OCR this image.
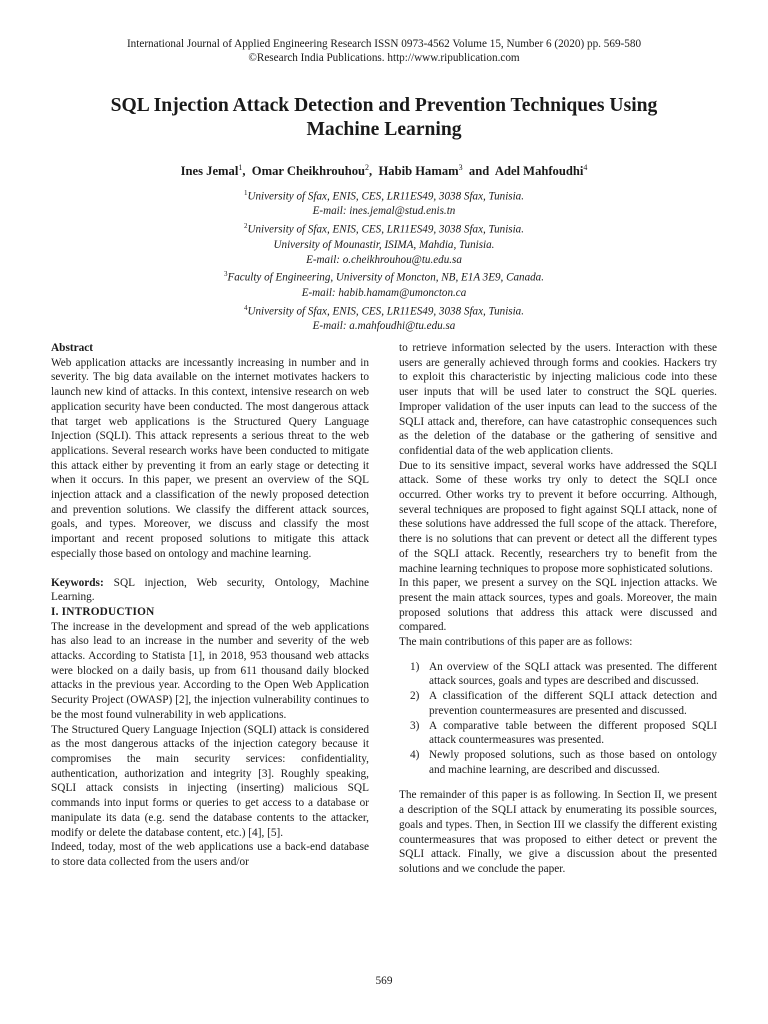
International Journal of Applied Engineering Research ISSN 0973-4562 Volume 15, Number 6 (2020) pp. 569-580
©Research India Publications. http://www.ripublication.com
SQL Injection Attack Detection and Prevention Techniques Using
Machine Learning
Ines Jemal$^1$,  Omar Cheikhrouhou$^2$,  Habib Hamam$^3$  and  Adel Mahfoudhi$^4$
$^1$University of Sfax, ENIS, CES, LR11ES49, 3038 Sfax, Tunisia.
E-mail: ines.jemal@stud.enis.tn
$^2$University of Sfax, ENIS, CES, LR11ES49, 3038 Sfax, Tunisia.
University of Mounastir, ISIMA, Mahdia, Tunisia.
E-mail: o.cheikhrouhou@tu.edu.sa
$^3$Faculty of Engineering, University of Moncton, NB, E1A 3E9, Canada.
E-mail: habib.hamam@umoncton.ca
$^4$University of Sfax, ENIS, CES, LR11ES49, 3038 Sfax, Tunisia.
E-mail: a.mahfoudhi@tu.edu.sa

Abstract

Web application attacks are incessantly increasing in number and in severity. The big data available on the internet motivates hackers to launch new kind of attacks. In this context, intensive research on web application security have been conducted. The most dangerous attack that target web applications is the Structured Query Language Injection (SQLI). This attack represents a serious threat to the web applications. Several research works have been conducted to mitigate this attack either by preventing it from an early stage or detecting it when it occurs. In this paper, we present an overview of the SQL injection attack and a classification of the newly proposed detection and prevention solutions. We classify the different attack sources, goals, and types. Moreover, we discuss and classify the most important and recent proposed solutions to mitigate this attack especially those based on ontology and machine learning.

Keywords: SQL injection, Web security, Ontology, Machine Learning.

I. INTRODUCTION

The increase in the development and spread of the web applications has also lead to an increase in the number and severity of the web attacks. According to Statista [1], in 2018, 953 thousand web attacks were blocked on a daily basis, up from 611 thousand daily blocked attacks in the previous year. According to the Open Web Application Security Project (OWASP) [2], the injection vulnerability continues to be the most found vulnerability in web applications.

The Structured Query Language Injection (SQLI) attack is considered as the most dangerous attacks of the injection category because it compromises the main security services: confidentiality, authentication, authorization and integrity [3]. Roughly speaking, SQLI attack consists in injecting (inserting) malicious SQL commands into input forms or queries to get access to a database or manipulate its data (e.g. send the database contents to the attacker, modify or delete the database content, etc.) [4], [5].

Indeed, today, most of the web applications use a back-end database to store data collected from the users and/or

to retrieve information selected by the users. Interaction with these users are generally achieved through forms and cookies. Hackers try to exploit this characteristic by injecting malicious code into these user inputs that will be used later to construct the SQL queries. Improper validation of the user inputs can lead to the success of the SQLI attack and, therefore, can have catastrophic consequences such as the deletion of the database or the gathering of sensitive and confidential data of the web application clients.

Due to its sensitive impact, several works have addressed the SQLI attack. Some of these works try only to detect the SQLI once occurred. Other works try to prevent it before occurring. Although, several techniques are proposed to fight against SQLI attack, none of these solutions have addressed the full scope of the attack. Therefore, there is no solutions that can prevent or detect all the different types of the SQLI attack. Recently, researchers try to benefit from the machine learning techniques to propose more sophisticated solutions.

In this paper, we present a survey on the SQL injection attacks. We present the main attack sources, types and goals. Moreover, the main proposed solutions that address this attack were discussed and compared.

The main contributions of this paper are as follows:

1) An overview of the SQLI attack was presented. The different attack sources, goals and types are described and discussed.
2) A classification of the different SQLI attack detection and prevention countermeasures are presented and discussed.
3) A comparative table between the different proposed SQLI attack countermeasures was presented.
4) Newly proposed solutions, such as those based on ontology and machine learning, are described and discussed.

The remainder of this paper is as following. In Section II, we present a description of the SQLI attack by enumerating its possible sources, goals and types. Then, in Section III we classify the different existing countermeasures that was proposed to either detect or prevent the SQLI attack. Finally, we give a discussion about the presented solutions and we conclude the paper.

569
